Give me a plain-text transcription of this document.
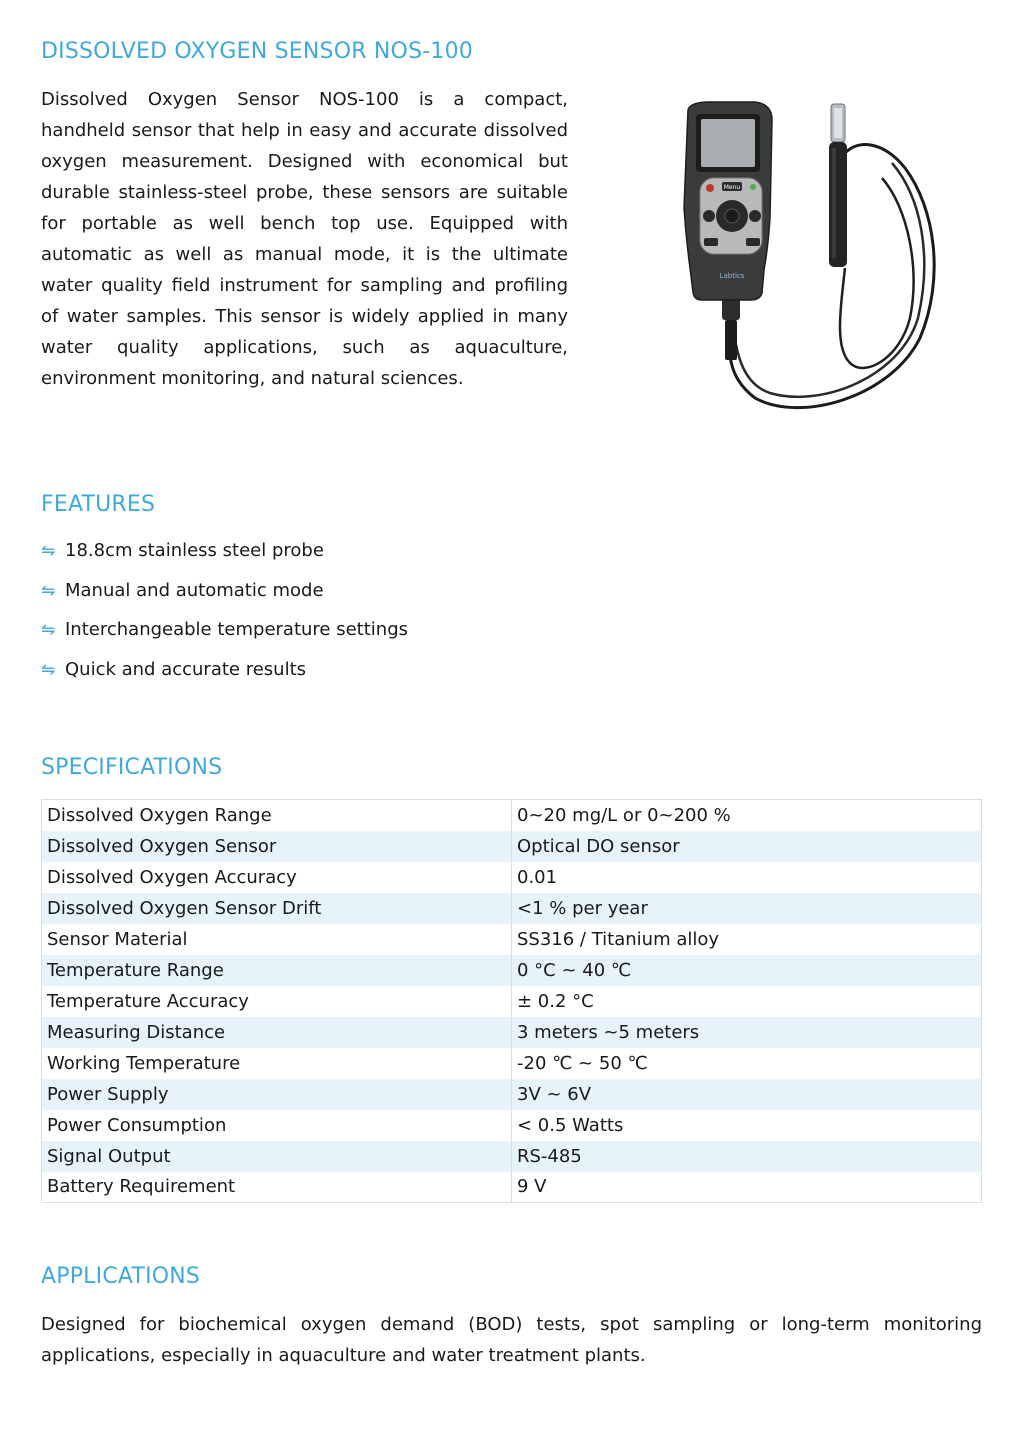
DISSOLVED OXYGEN SENSOR NOS-100

Dissolved Oxygen Sensor NOS-100 is a compact, handheld sensor that help in easy and accurate dissolved oxygen measurement. Designed with economical but durable stainless-steel probe, these sensors are suitable for portable as well bench top use. Equipped with automatic as well as manual mode, it is the ultimate water quality field instrument for sampling and profiling of water samples. This sensor is widely applied in many water quality applications, such as aquaculture, environment monitoring, and natural sciences.

Menu
Labtics
FEATURES
⇋ 18.8cm stainless steel probe
⇋ Manual and automatic mode
⇋ Interchangeable temperature settings
⇋ Quick and accurate results
SPECIFICATIONS
Dissolved Oxygen Range	0~20 mg/L or 0~200 %
Dissolved Oxygen Sensor	Optical DO sensor
Dissolved Oxygen Accuracy	0.01
Dissolved Oxygen Sensor Drift	<1 % per year
Sensor Material	SS316 / Titanium alloy
Temperature Range	0 °C ~ 40 ℃
Temperature Accuracy	± 0.2 °C
Measuring Distance	3 meters ~5 meters
Working Temperature	-20 ℃ ~ 50 ℃
Power Supply	3V ~ 6V
Power Consumption	< 0.5 Watts
Signal Output	RS-485
Battery Requirement	9 V
APPLICATIONS

Designed for biochemical oxygen demand (BOD) tests, spot sampling or long-term monitoring applications, especially in aquaculture and water treatment plants.
